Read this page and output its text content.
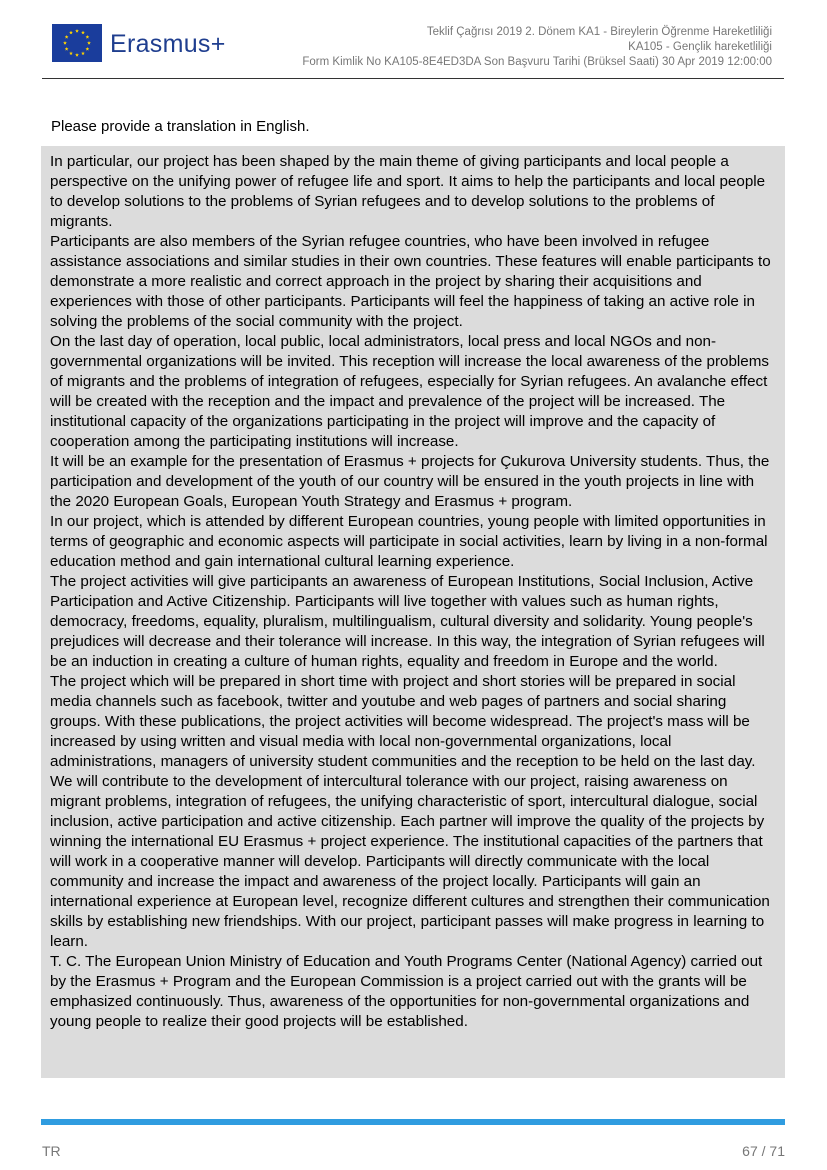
Erasmus+	Teklif Çağrısı 2019 2. Dönem KA1 - Bireylerin Öğrenme Hareketliliği
KA105 - Gençlik hareketliliği
Form Kimlik No KA105-8E4ED3DA Son Başvuru Tarihi (Brüksel Saati) 30 Apr 2019 12:00:00
Please provide a translation in English.

In particular, our project has been shaped by the main theme of giving participants and local people a perspective on the unifying power of refugee life and sport. It aims to help the participants and local people to develop solutions to the problems of Syrian refugees and to develop solutions to the problems of migrants.

Participants are also members of the Syrian refugee countries, who have been involved in refugee assistance associations and similar studies in their own countries. These features will enable participants to demonstrate a more realistic and correct approach in the project by sharing their acquisitions and experiences with those of other participants. Participants will feel the happiness of taking an active role in solving the problems of the social community with the project.

On the last day of operation, local public, local administrators, local press and local NGOs and non-governmental organizations will be invited. This reception will increase the local awareness of the problems of migrants and the problems of integration of refugees, especially for Syrian refugees. An avalanche effect will be created with the reception and the impact and prevalence of the project will be increased. The institutional capacity of the organizations participating in the project will improve and the capacity of cooperation among the participating institutions will increase.

It will be an example for the presentation of Erasmus + projects for Çukurova University students. Thus, the participation and development of the youth of our country will be ensured in the youth projects in line with the 2020 European Goals, European Youth Strategy and Erasmus + program.

In our project, which is attended by different European countries, young people with limited opportunities in terms of geographic and economic aspects will participate in social activities, learn by living in a non-formal education method and gain international cultural learning experience.

The project activities will give participants an awareness of European Institutions, Social Inclusion, Active Participation and Active Citizenship. Participants will live together with values such as human rights, democracy, freedoms, equality, pluralism, multilingualism, cultural diversity and solidarity. Young people's prejudices will decrease and their tolerance will increase. In this way, the integration of Syrian refugees will be an induction in creating a culture of human rights, equality and freedom in Europe and the world.

The project which will be prepared in short time with project and short stories will be prepared in social media channels such as facebook, twitter and youtube and web pages of partners and social sharing groups. With these publications, the project activities will become widespread. The project's mass will be increased by using written and visual media with local non-governmental organizations, local administrations, managers of university student communities and the reception to be held on the last day.

We will contribute to the development of intercultural tolerance with our project, raising awareness on migrant problems, integration of refugees, the unifying characteristic of sport, intercultural dialogue, social inclusion, active participation and active citizenship. Each partner will improve the quality of the projects by winning the international EU Erasmus + project experience. The institutional capacities of the partners that will work in a cooperative manner will develop. Participants will directly communicate with the local community and increase the impact and awareness of the project locally. Participants will gain an international experience at European level, recognize different cultures and strengthen their communication skills by establishing new friendships. With our project, participant passes will make progress in learning to learn.

T. C. The European Union Ministry of Education and Youth Programs Center (National Agency) carried out by the Erasmus + Program and the European Commission is a project carried out with the grants will be emphasized continuously. Thus, awareness of the opportunities for non-governmental organizations and young people to realize their good projects will be established.

TR	67 / 71
